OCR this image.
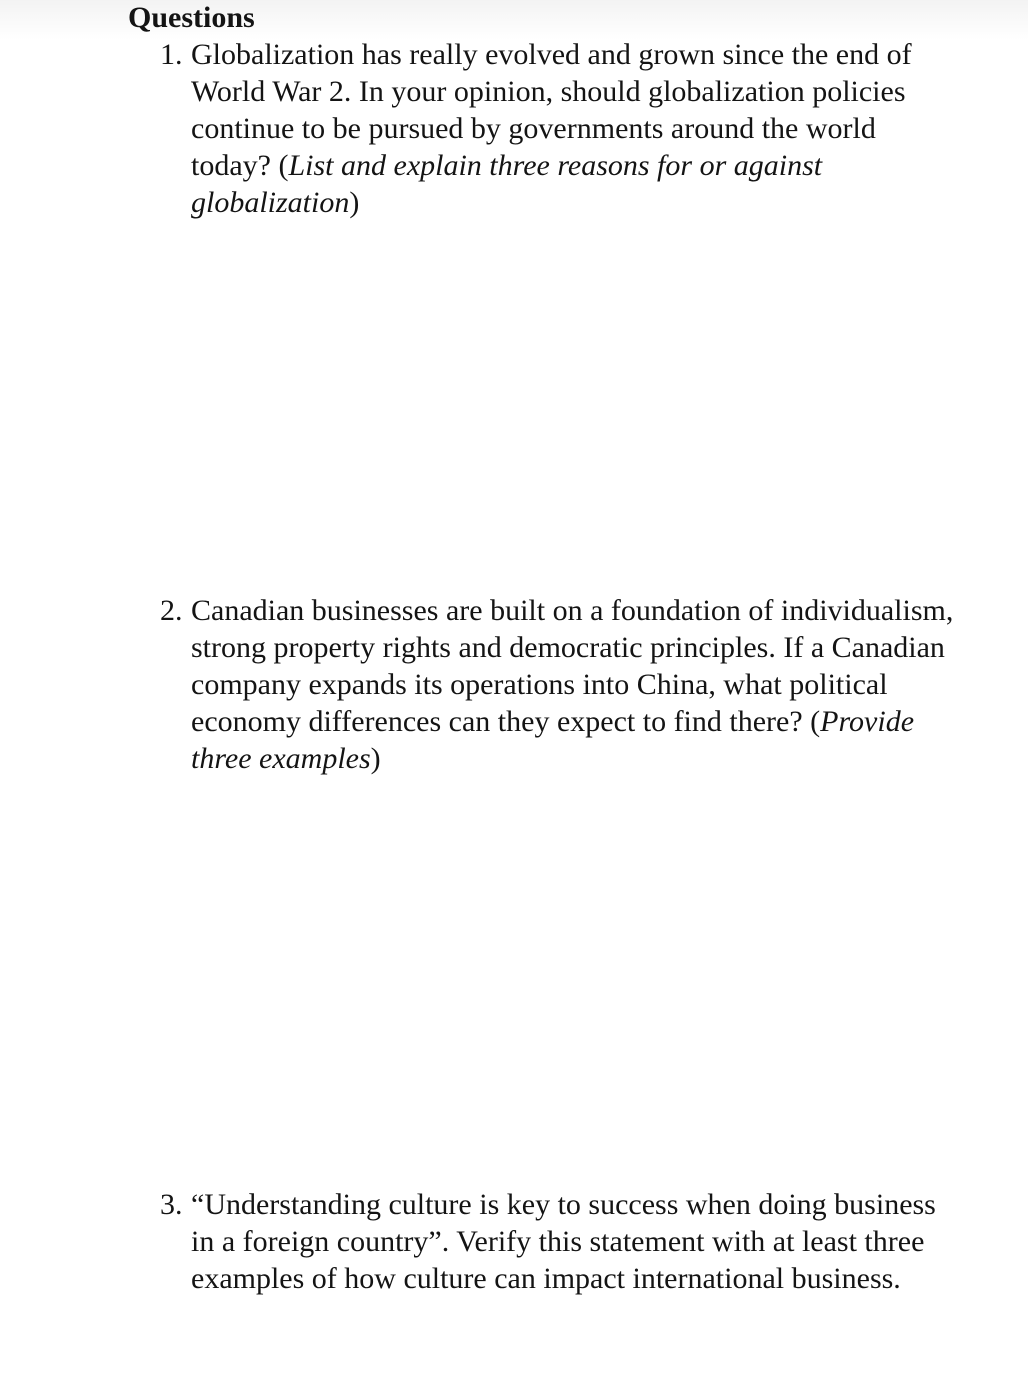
Questions
1. Globalization has really evolved and grown since the end of World War 2. In your opinion, should globalization policies continue to be pursued by governments around the world today? (List and explain three reasons for or against globalization)
2. Canadian businesses are built on a foundation of individualism, strong property rights and democratic principles. If a Canadian company expands its operations into China, what political economy differences can they expect to find there? (Provide three examples)
3. “Understanding culture is key to success when doing business in a foreign country”. Verify this statement with at least three examples of how culture can impact international business.
